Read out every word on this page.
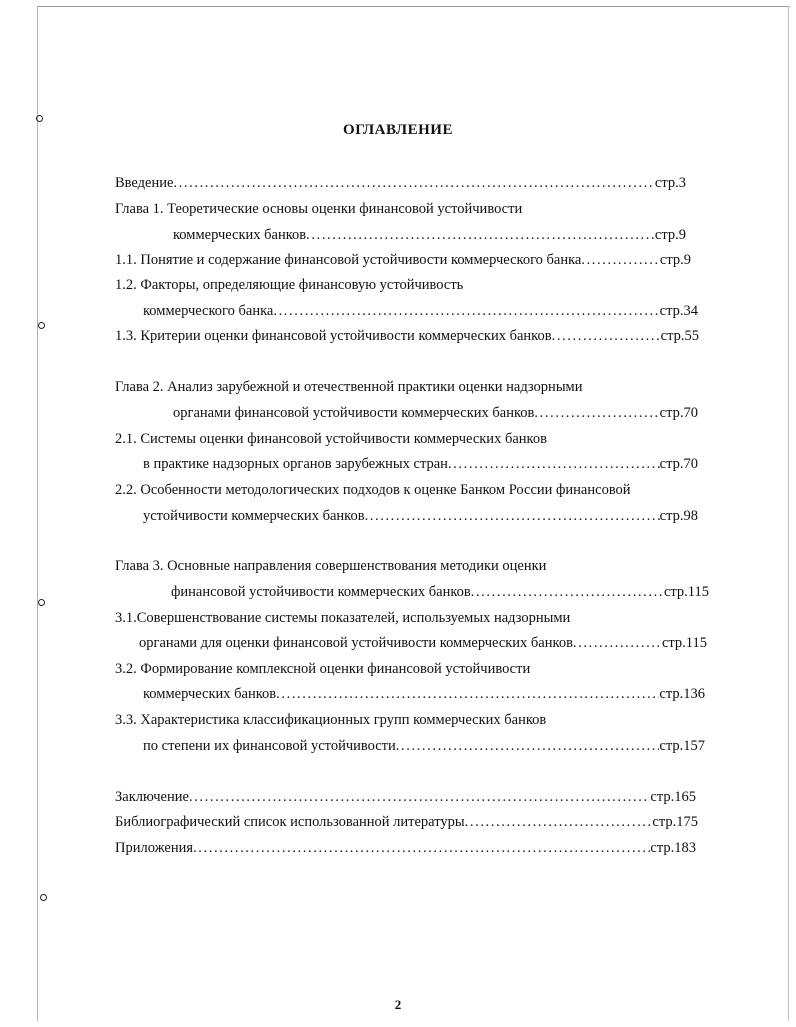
ОГЛАВЛЕНИЕ
Введение .....	стр.3
Глава 1. Теоретические основы оценки финансовой устойчивости
коммерческих банков .....	стр.9
1.1. Понятие и содержание финансовой устойчивости коммерческого банка .....	стр.9
1.2. Факторы, определяющие финансовую устойчивость
коммерческого банка .....	стр.34
1.3. Критерии оценки финансовой устойчивости коммерческих банков .....	стр.55
Глава 2. Анализ зарубежной и отечественной практики оценки надзорными
органами финансовой устойчивости коммерческих банков .....	стр.70
2.1. Системы оценки финансовой устойчивости коммерческих банков
в практике надзорных органов зарубежных стран .....	стр.70
2.2. Особенности методологических подходов к оценке Банком России финансовой
устойчивости коммерческих банков .....	стр.98
Глава 3. Основные направления совершенствования методики оценки
финансовой устойчивости коммерческих банков .....	стр.115
3.1.Совершенствование системы показателей, используемых надзорными
органами для оценки финансовой устойчивости коммерческих банков .....	стр.115
3.2. Формирование комплексной оценки финансовой устойчивости
коммерческих банков .....	стр.136
3.3. Характеристика классификационных групп коммерческих банков
по степени их финансовой устойчивости .....	стр.157
Заключение .....	стр.165
Библиографический список использованной литературы .....	стр.175
Приложения .....	стр.183
2
